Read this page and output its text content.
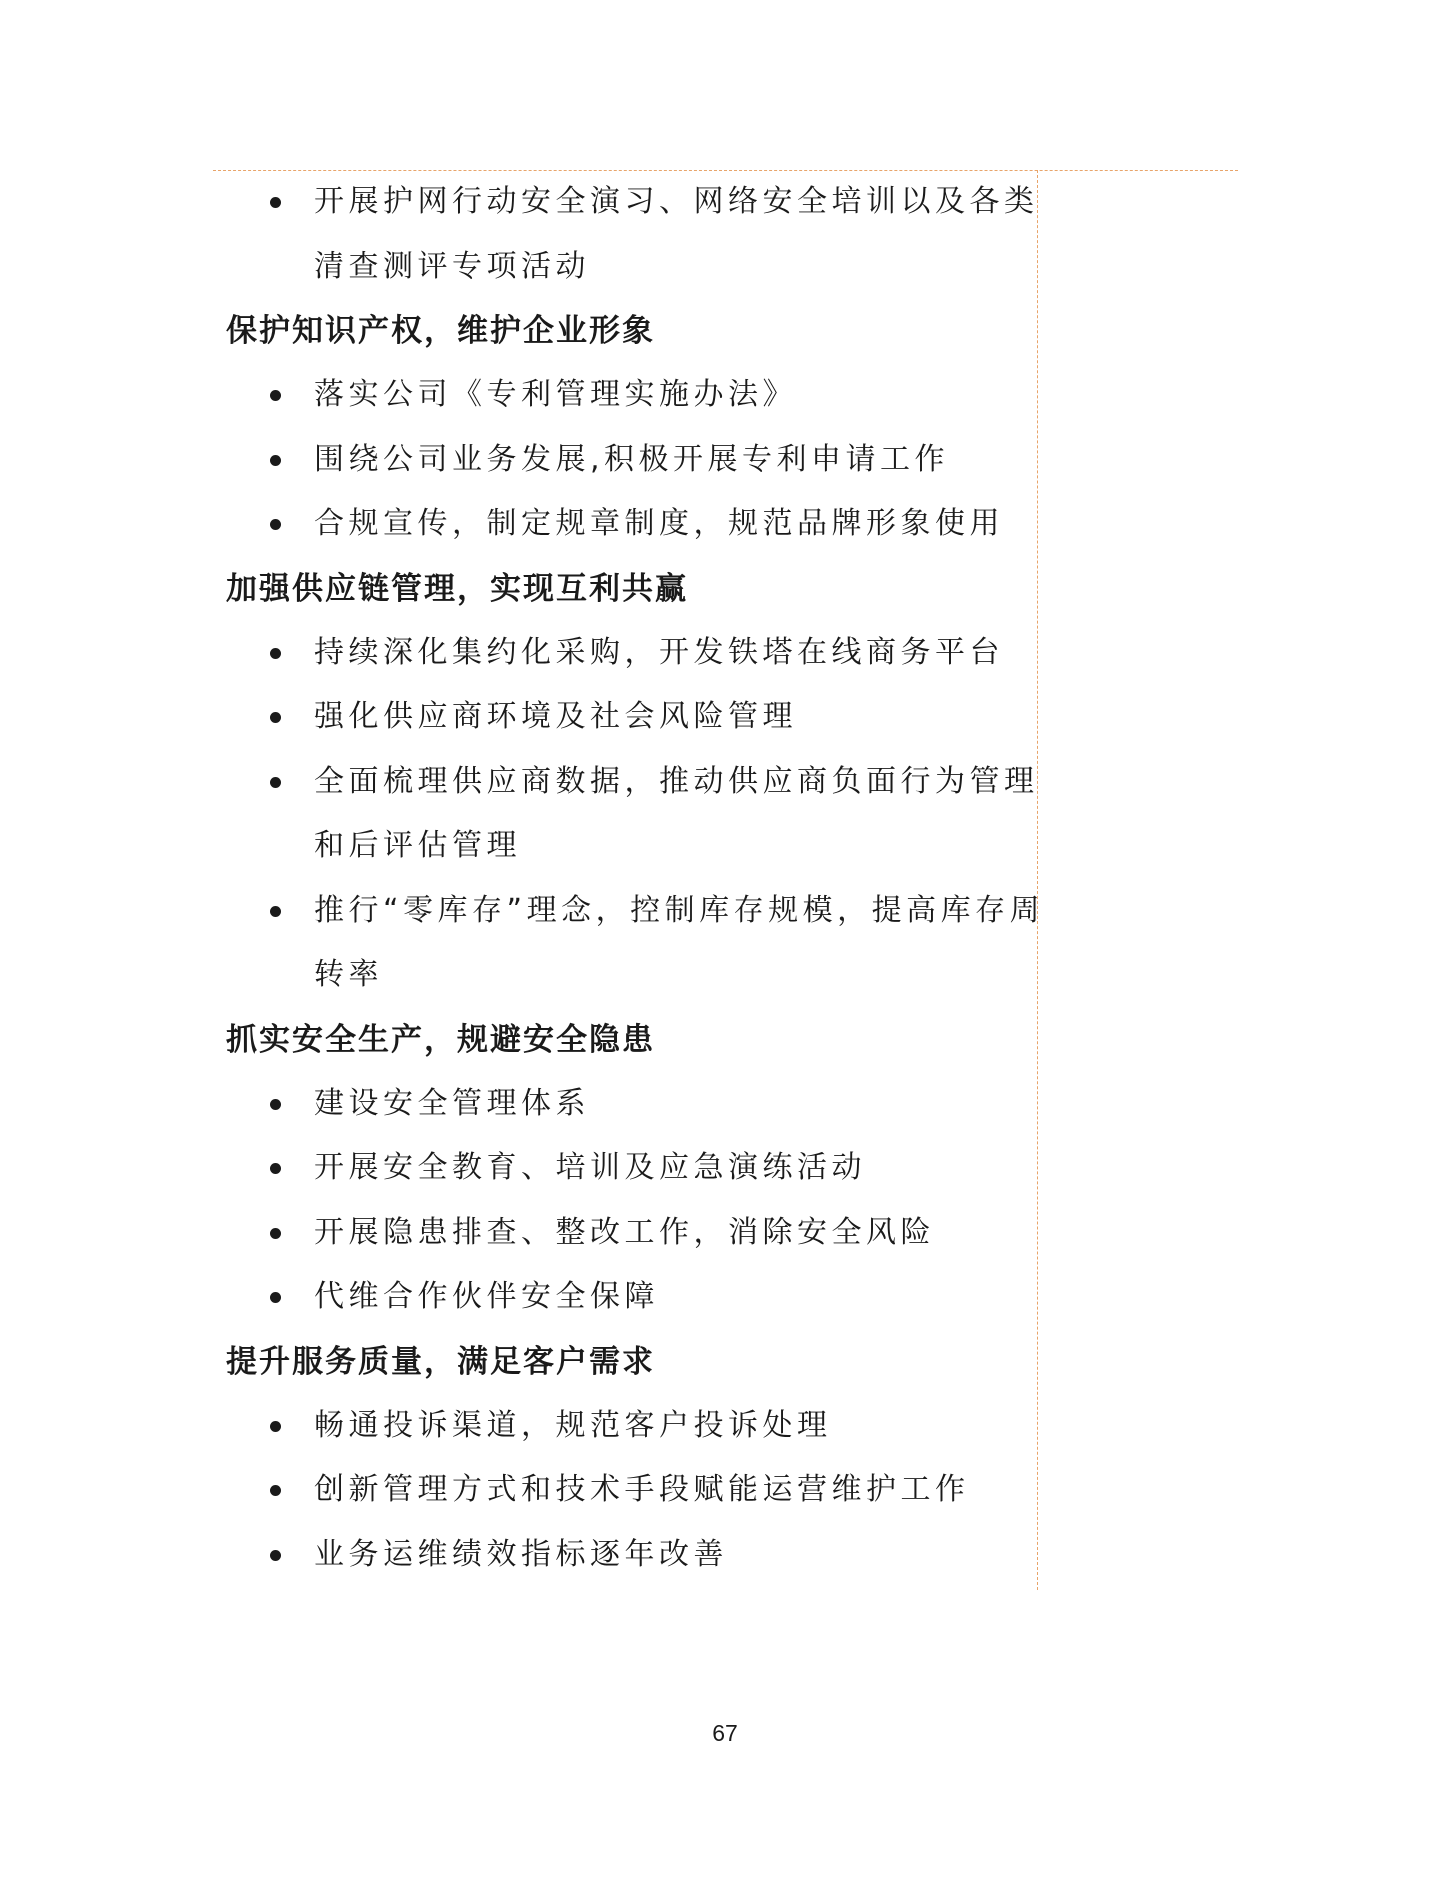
开展护网行动安全演习、网络安全培训以及各类
清查测评专项活动
保护知识产权，维护企业形象
落实公司《专利管理实施办法》
围绕公司业务发展,积极开展专利申请工作
合规宣传，制定规章制度，规范品牌形象使用
加强供应链管理，实现互利共赢
持续深化集约化采购，开发铁塔在线商务平台
强化供应商环境及社会风险管理
全面梳理供应商数据，推动供应商负面行为管理
和后评估管理
推行“零库存”理念，控制库存规模，提高库存周
转率
抓实安全生产，规避安全隐患
建设安全管理体系
开展安全教育、培训及应急演练活动
开展隐患排查、整改工作，消除安全风险
代维合作伙伴安全保障
提升服务质量，满足客户需求
畅通投诉渠道，规范客户投诉处理
创新管理方式和技术手段赋能运营维护工作
业务运维绩效指标逐年改善
67
